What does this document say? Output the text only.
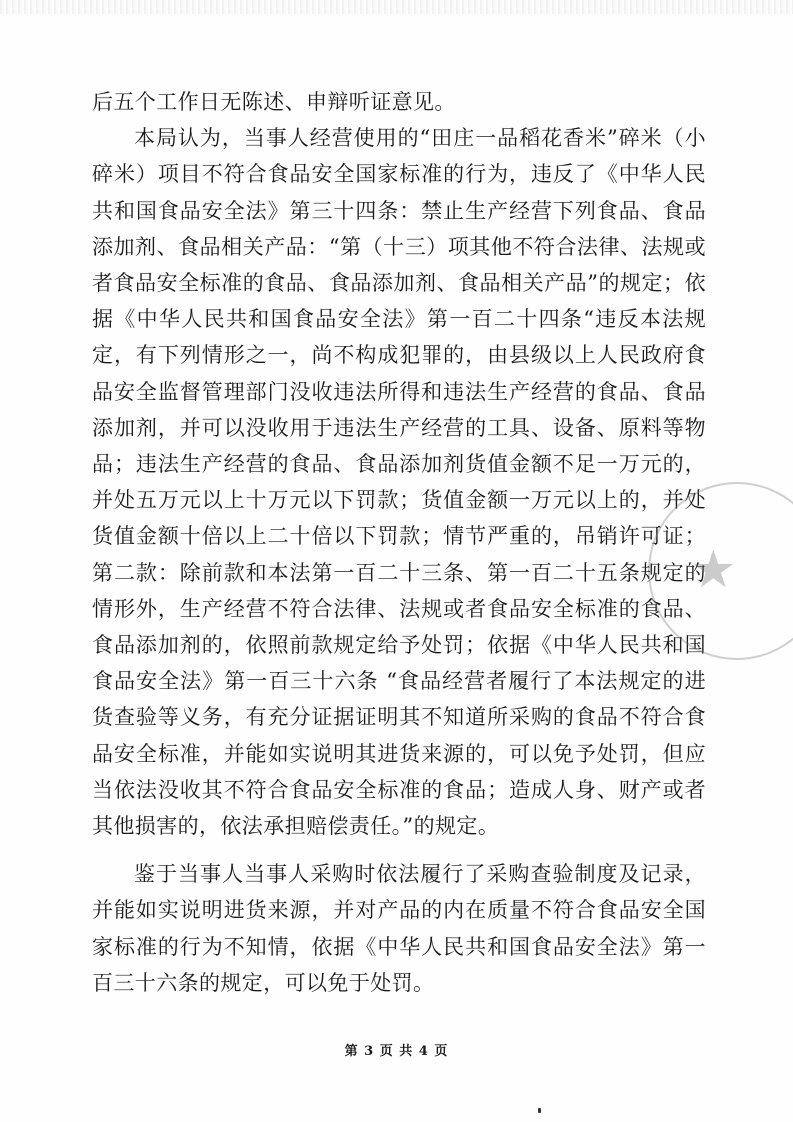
后五个工作日无陈述、申辩听证意见。

本局认为，当事人经营使用的“田庄一品稻花香米”碎米（小碎米）项目不符合食品安全国家标准的行为，违反了《中华人民共和国食品安全法》第三十四条：禁止生产经营下列食品、食品添加剂、食品相关产品：“第（十三）项其他不符合法律、法规或者食品安全标准的食品、食品添加剂、食品相关产品”的规定；依据《中华人民共和国食品安全法》第一百二十四条“违反本法规定，有下列情形之一，尚不构成犯罪的，由县级以上人民政府食品安全监督管理部门没收违法所得和违法生产经营的食品、食品添加剂，并可以没收用于违法生产经营的工具、设备、原料等物品；违法生产经营的食品、食品添加剂货值金额不足一万元的，并处五万元以上十万元以下罚款；货值金额一万元以上的，并处货值金额十倍以上二十倍以下罚款；情节严重的，吊销许可证；第二款：除前款和本法第一百二十三条、第一百二十五条规定的情形外，生产经营不符合法律、法规或者食品安全标准的食品、食品添加剂的，依照前款规定给予处罚；依据《中华人民共和国食品安全法》第一百三十六条 “食品经营者履行了本法规定的进货查验等义务，有充分证据证明其不知道所采购的食品不符合食品安全标准，并能如实说明其进货来源的，可以免予处罚，但应当依法没收其不符合食品安全标准的食品；造成人身、财产或者其他损害的，依法承担赔偿责任。”的规定。

鉴于当事人当事人采购时依法履行了采购查验制度及记录，并能如实说明进货来源，并对产品的内在质量不符合食品安全国家标准的行为不知情，依据《中华人民共和国食品安全法》第一百三十六条的规定，可以免于处罚。

★
第 3 页 共 4 页
